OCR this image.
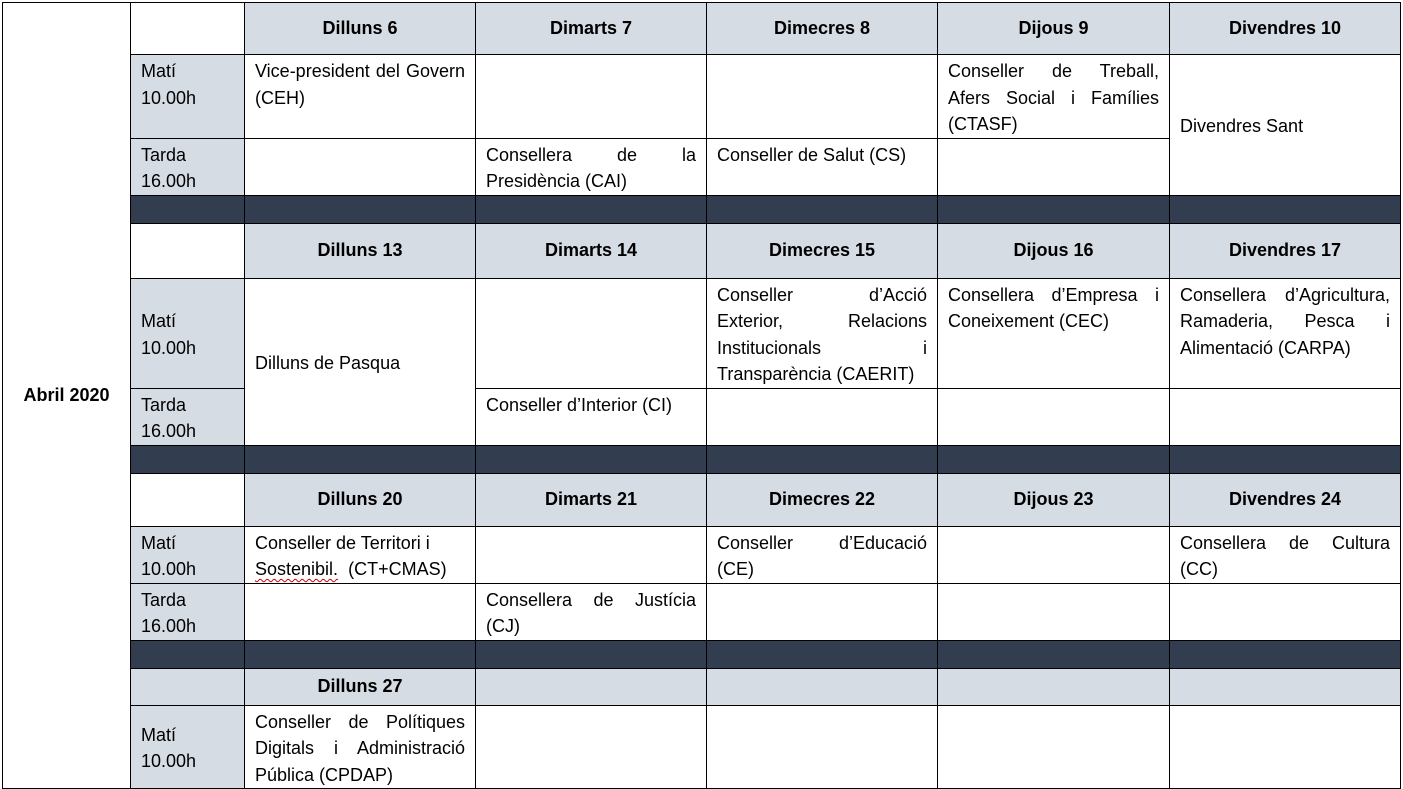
Abril 2020		Dilluns 6	Dimarts 7	Dimecres 8	Dijous 9	Divendres 10
	Matí
10.00h	Vice-president del Govern (CEH)			Conseller de Treball, Afers Social i Famílies (CTASF)	Divendres Sant
	Tarda
16.00h		Consellera de la Presidència (CAI)	Conseller de Salut (CS)		

		Dilluns 13	Dimarts 14	Dimecres 15	Dijous 16	Divendres 17
	Matí
10.00h	Dilluns de Pasqua		Conseller d’Acció Exterior, Relacions Institucionals i Transparència (CAERIT)	Consellera d’Empresa i Coneixement (CEC)	Consellera d’Agricultura, Ramaderia, Pesca i Alimentació (CARPA)
	Tarda
16.00h		Conseller d’Interior (CI)			

		Dilluns 20	Dimarts 21	Dimecres 22	Dijous 23	Divendres 24
	Matí
10.00h	Conseller de Territori i
Sostenibil. (CT+CMAS)		Conseller d’Educació (CE)		Consellera de Cultura (CC)
	Tarda
16.00h		Consellera de Justícia (CJ)			

		Dilluns 27				
	Matí
10.00h	Conseller de Polítiques Digitals i Administració Pública (CPDAP)				
